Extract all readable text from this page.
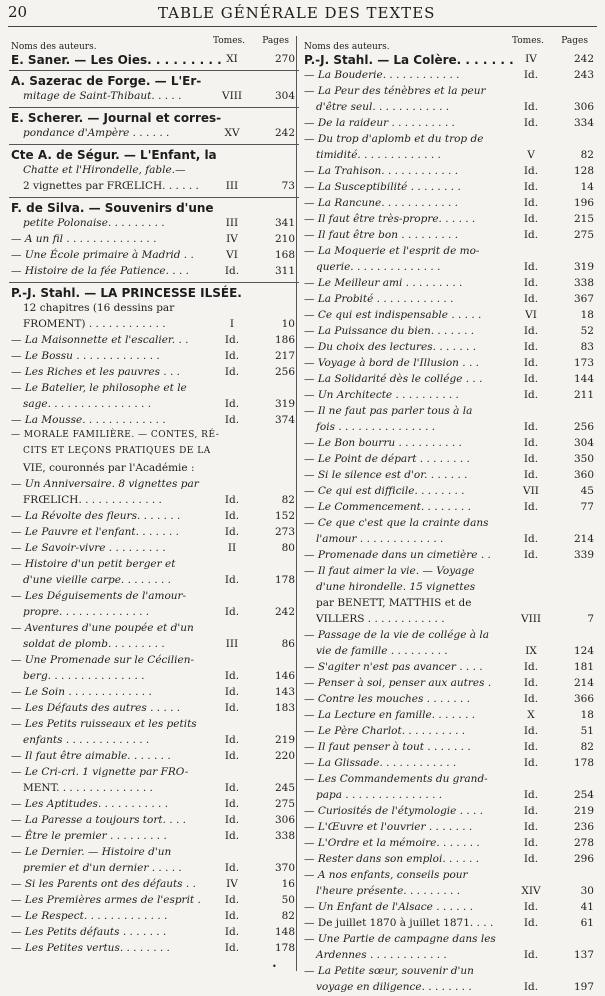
20	TABLE GÉNÉRALE DES TEXTES
Noms des auteurs.
Tomes. Pages
E. Saner. — Les Oies. . . . . . . . . XI	270
A. Sazerac de Forge. — L'Er-
mitage de Saint-Thibaut. . . . .	VIII	304
E. Scherer. — Journal et corres-
pondance d'Ampère . . . . . .	XV	242
Cte A. de Ségur. — L'Enfant, la
Chatte et l'Hirondelle, fable.—
2 vignettes par FRŒLICH. . . . . .	III	73
F. de Silva. — Souvenirs d'une
petite Polonaise. . . . . . . . .	III	341
— A un fil . . . . . . . . . . . . . .	IV	210
— Une École primaire à Madrid . .	VI	168
— Histoire de la fée Patience. . . .	Id.	311
P.-J. Stahl. — LA PRINCESSE ILSÉE.
12 chapitres (16 dessins par
FROMENT) . . . . . . . . . . . .	I	10
— La Maisonnette et l'escalier. . .	Id.	186
— Le Bossu . . . . . . . . . . . . .	Id.	217
— Les Riches et les pauvres . . .	Id.	256
— Le Batelier, le philosophe et le
sage. . . . . . . . . . . . . . . .	Id.	319
— La Mousse. . . . . . . . . . . . .	Id.	374
— MORALE FAMILIÈRE. — CONTES, RÉ-
CITS ET LEÇONS PRATIQUES DE LA
VIE, couronnés par l'Académie :
— Un Anniversaire. 8 vignettes par
FRŒLICH. . . . . . . . . . . . .	Id.	82
— La Révolte des fleurs. . . . . . .	Id.	152
— Le Pauvre et l'enfant. . . . . . .	Id.	273
— Le Savoir-vivre . . . . . . . . .	II	80
— Histoire d'un petit berger et
d'une vieille carpe. . . . . . . .	Id.	178
— Les Déguisements de l'amour-
propre. . . . . . . . . . . . . .	Id.	242
— Aventures d'une poupée et d'un
soldat de plomb. . . . . . . . .	III	86
— Une Promenade sur le Cécilien-
berg. . . . . . . . . . . . . . .	Id.	146
— Le Soin . . . . . . . . . . . . .	Id.	143
— Les Défauts des autres . . . . .	Id.	183
— Les Petits ruisseaux et les petits
enfants . . . . . . . . . . . . .	Id.	219
— Il faut être aimable. . . . . . .	Id.	220
— Le Cri-cri. 1 vignette par FRO-
MENT. . . . . . . . . . . . . . .	Id.	245
— Les Aptitudes. . . . . . . . . . .	Id.	275
— La Paresse a toujours tort. . . .	Id.	306
— Être le premier . . . . . . . . .	Id.	338
— Le Dernier. — Histoire d'un
premier et d'un dernier . . . . .	Id.	370
— Si les Parents ont des défauts . .	IV	16
— Les Premières armes de l'esprit .	Id.	50
— Le Respect. . . . . . . . . . . . .	Id.	82
— Les Petits défauts . . . . . . .	Id.	148
— Les Petites vertus. . . . . . . .	Id.	178
Noms des auteurs.
Tomes. Pages
P.-J. Stahl. — La Colère. . . . . . .	IV	242
— La Bouderie. . . . . . . . . . . .	Id.	243
— La Peur des ténèbres et la peur
d'être seul. . . . . . . . . . . .	Id.	306
— De la raideur . . . . . . . . . .	Id.	334
— Du trop d'aplomb et du trop de
timidité. . . . . . . . . . . . .	V	82
— La Trahison. . . . . . . . . . . .	Id.	128
— La Susceptibilité . . . . . . . .	Id.	14
— La Rancune. . . . . . . . . . . .	Id.	196
— Il faut être très-propre. . . . . .	Id.	215
— Il faut être bon . . . . . . . . .	Id.	275
— La Moquerie et l'esprit de mo-
querie. . . . . . . . . . . . . .	Id.	319
— Le Meilleur ami . . . . . . . . .	Id.	338
— La Probité . . . . . . . . . . . .	Id.	367
— Ce qui est indispensable . . . . .	VI	18
— La Puissance du bien. . . . . . .	Id.	52
— Du choix des lectures. . . . . . .	Id.	83
— Voyage à bord de l'Illusion . . .	Id.	173
— La Solidarité dès le collége . . .	Id.	144
— Un Architecte . . . . . . . . . .	Id.	211
— Il ne faut pas parler tous à la
fois . . . . . . . . . . . . . . .	Id.	256
— Le Bon bourru . . . . . . . . . .	Id.	304
— Le Point de départ . . . . . . . .	Id.	350
— Si le silence est d'or. . . . . . .	Id.	360
— Ce qui est difficile. . . . . . . .	VII	45
— Le Commencement. . . . . . . .	Id.	77
— Ce que c'est que la crainte dans
l'amour . . . . . . . . . . . . .	Id.	214
— Promenade dans un cimetière . .	Id.	339
— Il faut aimer la vie. — Voyage
d'une hirondelle. 15 vignettes
par BENETT, MATTHIS et de
VILLERS . . . . . . . . . . . .	VIII	7
— Passage de la vie de collége à la
vie de famille . . . . . . . . .	IX	124
— S'agiter n'est pas avancer . . . .	Id.	181
— Penser à soi, penser aux autres .	Id.	214
— Contre les mouches . . . . . . .	Id.	366
— La Lecture en famille. . . . . . .	X	18
— Le Père Charlot. . . . . . . . . .	Id.	51
— Il faut penser à tout . . . . . . .	Id.	82
— La Glissade. . . . . . . . . . . .	Id.	178
— Les Commandements du grand-
papa . . . . . . . . . . . . . . .	Id.	254
— Curiosités de l'étymologie . . . .	Id.	219
— L'Œuvre et l'ouvrier . . . . . . .	Id.	236
— L'Ordre et la mémoire. . . . . . .	Id.	278
— Rester dans son emploi. . . . . .	Id.	296
— A nos enfants, conseils pour
l'heure présente. . . . . . . . .	XIV	30
— Un Enfant de l'Alsace . . . . . .	Id.	41
— De juillet 1870 à juillet 1871. . . .	Id.	61
— Une Partie de campagne dans les
Ardennes . . . . . . . . . . . .	Id.	137
— La Petite sœur, souvenir d'un
voyage en diligence. . . . . . . .	Id.	197
•
